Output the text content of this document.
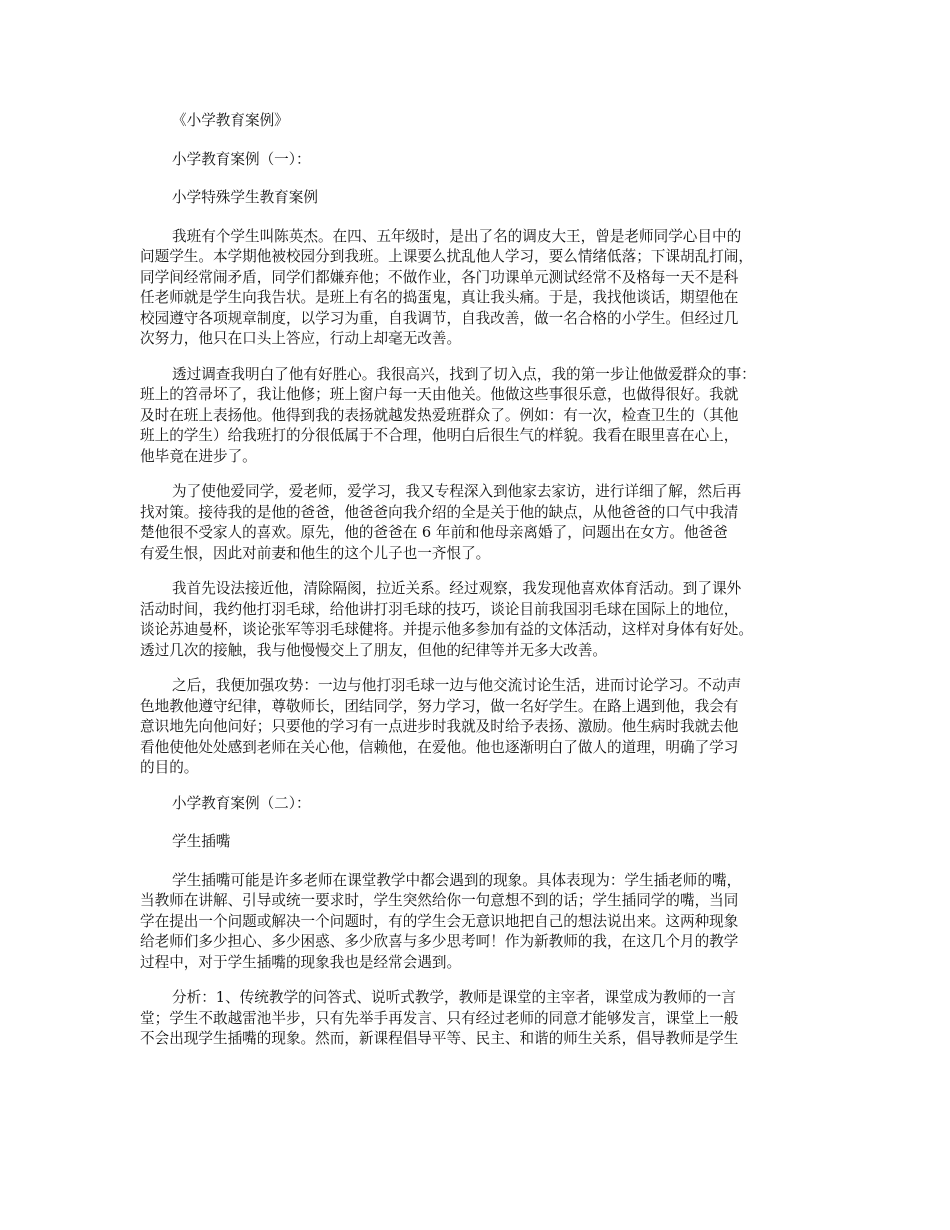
《小学教育案例》
小学教育案例（一）：
小学特殊学生教育案例
我班有个学生叫陈英杰。在四、五年级时，是出了名的调皮大王，曾是老师同学心目中的
问题学生。本学期他被校园分到我班。上课要么扰乱他人学习，要么情绪低落；下课胡乱打闹，
同学间经常闹矛盾，同学们都嫌弃他；不做作业，各门功课单元测试经常不及格每一天不是科
任老师就是学生向我告状。是班上有名的捣蛋鬼，真让我头痛。于是，我找他谈话，期望他在
校园遵守各项规章制度，以学习为重，自我调节，自我改善，做一名合格的小学生。但经过几
次努力，他只在口头上答应，行动上却毫无改善。
透过调查我明白了他有好胜心。我很高兴，找到了切入点，我的第一步让他做爱群众的事：
班上的笤帚坏了，我让他修；班上窗户每一天由他关。他做这些事很乐意，也做得很好。我就
及时在班上表扬他。他得到我的表扬就越发热爱班群众了。例如：有一次，检查卫生的（其他
班上的学生）给我班打的分很低属于不合理，他明白后很生气的样貌。我看在眼里喜在心上，
他毕竟在进步了。
为了使他爱同学，爱老师，爱学习，我又专程深入到他家去家访，进行详细了解，然后再
找对策。接待我的是他的爸爸，他爸爸向我介绍的全是关于他的缺点，从他爸爸的口气中我清
楚他很不受家人的喜欢。原先，他的爸爸在 6 年前和他母亲离婚了，问题出在女方。他爸爸
有爱生恨，因此对前妻和他生的这个儿子也一齐恨了。
我首先设法接近他，清除隔阂，拉近关系。经过观察，我发现他喜欢体育活动。到了课外
活动时间，我约他打羽毛球，给他讲打羽毛球的技巧，谈论目前我国羽毛球在国际上的地位，
谈论苏迪曼杯，谈论张军等羽毛球健将。并提示他多参加有益的文体活动，这样对身体有好处。
透过几次的接触，我与他慢慢交上了朋友，但他的纪律等并无多大改善。
之后，我便加强攻势：一边与他打羽毛球一边与他交流讨论生活，进而讨论学习。不动声
色地教他遵守纪律，尊敬师长，团结同学，努力学习，做一名好学生。在路上遇到他，我会有
意识地先向他问好；只要他的学习有一点进步时我就及时给予表扬、激励。他生病时我就去他
看他使他处处感到老师在关心他，信赖他，在爱他。他也逐渐明白了做人的道理，明确了学习
的目的。
小学教育案例（二）：
学生插嘴
学生插嘴可能是许多老师在课堂教学中都会遇到的现象。具体表现为：学生插老师的嘴，
当教师在讲解、引导或统一要求时，学生突然给你一句意想不到的话；学生插同学的嘴，当同
学在提出一个问题或解决一个问题时，有的学生会无意识地把自己的想法说出来。这两种现象
给老师们多少担心、多少困惑、多少欣喜与多少思考呵！作为新教师的我，在这几个月的教学
过程中，对于学生插嘴的现象我也是经常会遇到。
分析：1、传统教学的问答式、说听式教学，教师是课堂的主宰者，课堂成为教师的一言
堂；学生不敢越雷池半步，只有先举手再发言、只有经过老师的同意才能够发言，课堂上一般
不会出现学生插嘴的现象。然而，新课程倡导平等、民主、和谐的师生关系，倡导教师是学生
